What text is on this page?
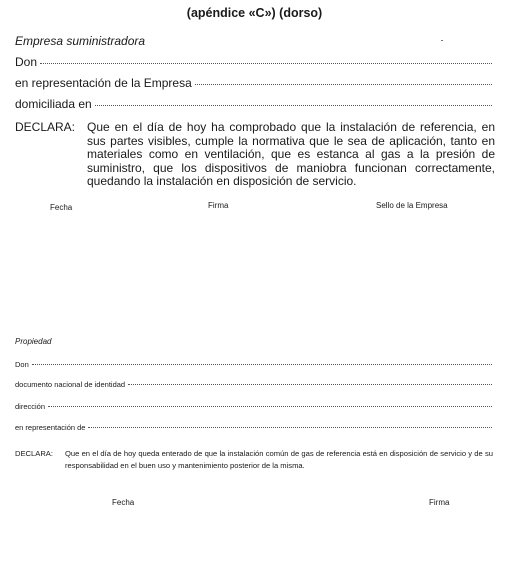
(apéndice «C») (dorso)
Empresa suministradora
Don
en representación de la Empresa
domiciliada en
DECLARA: Que en el día de hoy ha comprobado que la instalación de referencia, en sus partes visibles, cumple la normativa que le sea de aplicación, tanto en materiales como en ventilación, que es estanca al gas a la presión de suministro, que los dispositivos de maniobra funcionan correctamente, quedando la instalación en disposición de servicio.
Fecha	Firma	Sello de la Empresa
Propiedad
Don
documento nacional de identidad
dirección
en representación de
DECLARA:	Que en el día de hoy queda enterado de que la instalación común de gas de referencia está en disposición de servicio y de su responsabilidad en el buen uso y mantenimiento posterior de la misma.
Fecha	Firma
